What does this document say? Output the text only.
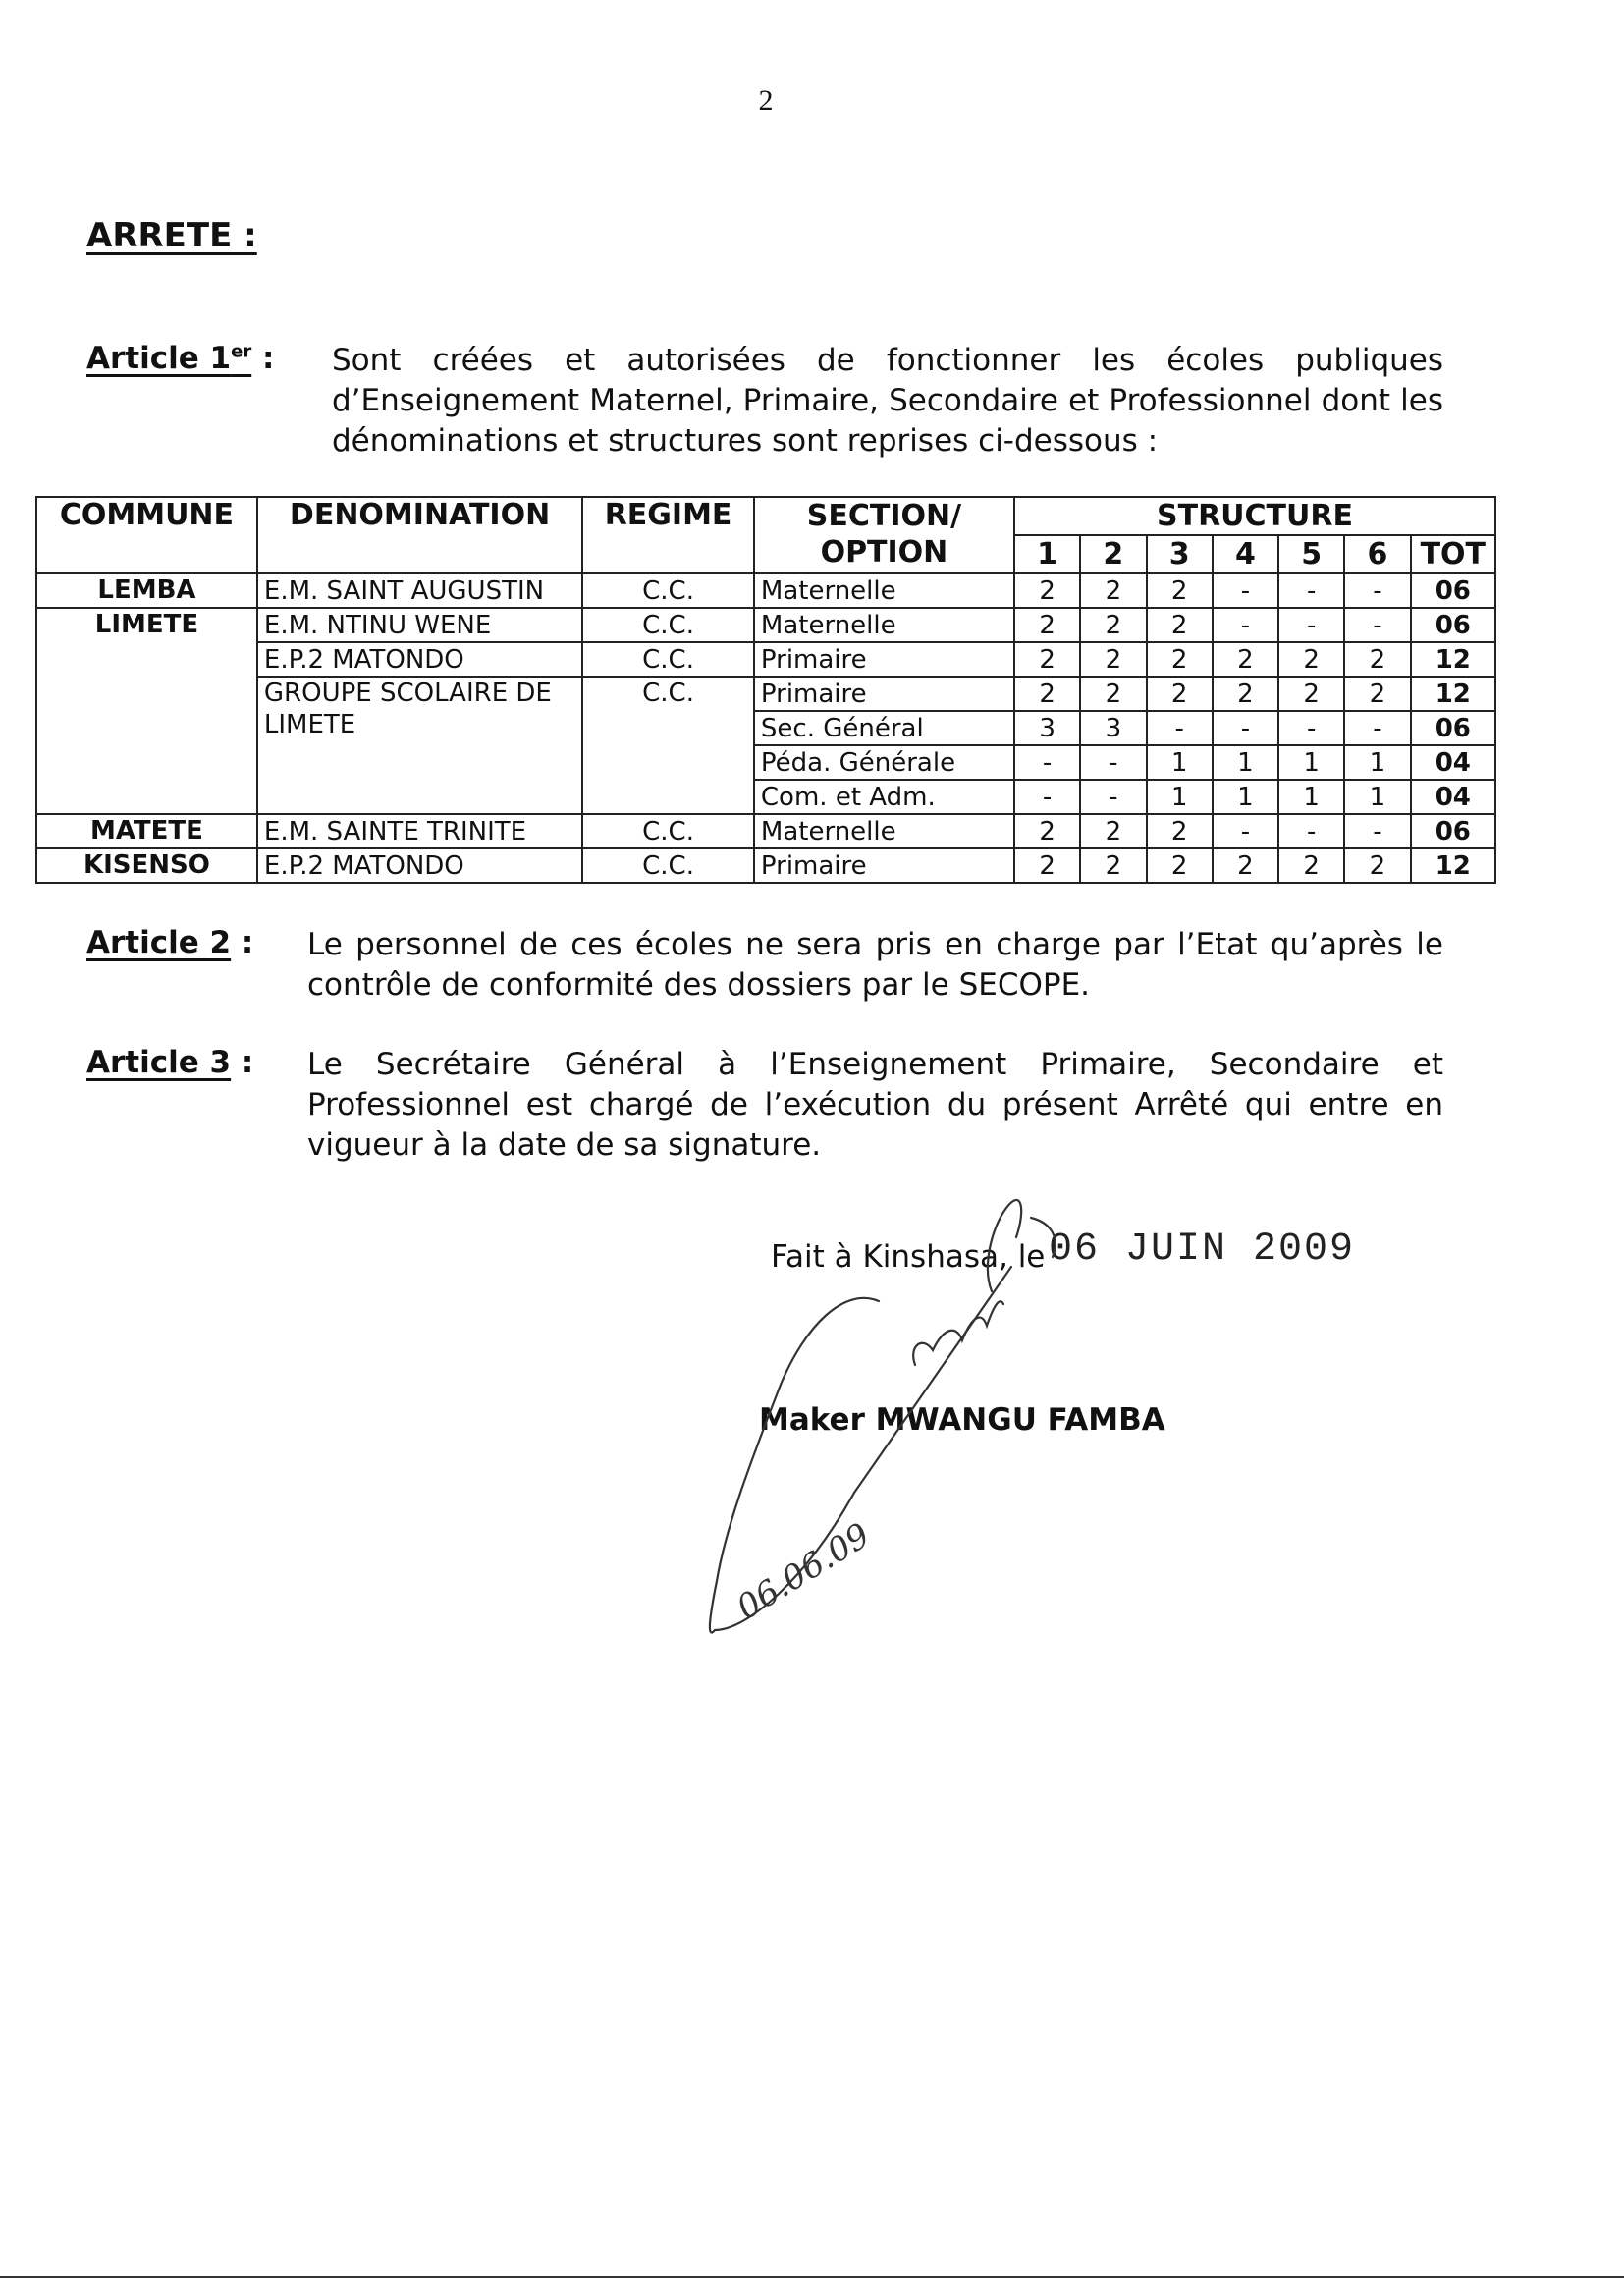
2
ARRETE :
Article 1er : Sont créées et autorisées de fonctionner les écoles publiques d’Enseignement Maternel, Primaire, Secondaire et Professionnel dont les dénominations et structures sont reprises ci-dessous :
COMMUNE	DENOMINATION	REGIME	SECTION/ OPTION	STRUCTURE						
				1	2	3	4	5	6	TOT
LEMBA	E.M. SAINT AUGUSTIN	C.C.	Maternelle	2	2	2	-	-	-	06
LIMETE	E.M. NTINU WENE	C.C.	Maternelle	2	2	2	-	-	-	06
	E.P.2 MATONDO	C.C.	Primaire	2	2	2	2	2	2	12
	GROUPE SCOLAIRE DE LIMETE	C.C.	Primaire	2	2	2	2	2	2	12
			Sec. Général	3	3	-	-	-	-	06
			Péda. Générale	-	-	1	1	1	1	04
			Com. et Adm.	-	-	1	1	1	1	04
MATETE	E.M. SAINTE TRINITE	C.C.	Maternelle	2	2	2	-	-	-	06
KISENSO	E.P.2 MATONDO	C.C.	Primaire	2	2	2	2	2	2	12
Article 2 : Le personnel de ces écoles ne sera pris en charge par l’Etat qu’après le contrôle de conformité des dossiers par le SECOPE.
Article 3 : Le Secrétaire Général à l’Enseignement Primaire, Secondaire et Professionnel est chargé de l’exécution du présent Arrêté qui entre en vigueur à la date de sa signature.
Fait à Kinshasa, le 06 JUIN 2009
Maker MWANGU FAMBA
06.06.09
